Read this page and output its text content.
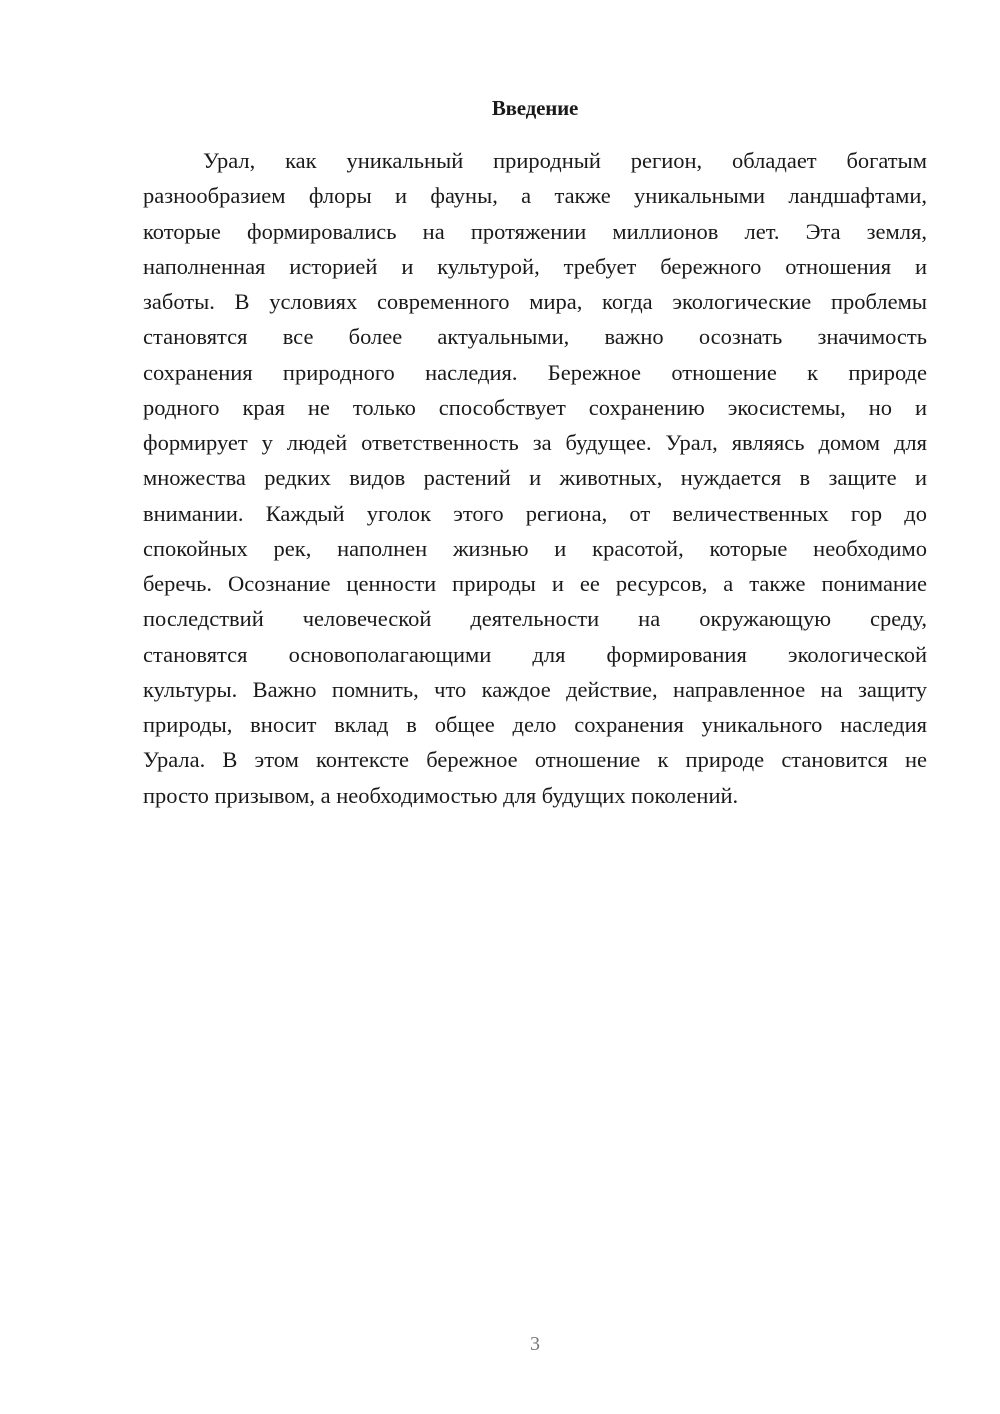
Введение
Урал, как уникальный природный регион, обладает богатым
разнообразием флоры и фауны, а также уникальными ландшафтами,
которые формировались на протяжении миллионов лет. Эта земля,
наполненная историей и культурой, требует бережного отношения и
заботы. В условиях современного мира, когда экологические проблемы
становятся все более актуальными, важно осознать значимость
сохранения природного наследия. Бережное отношение к природе
родного края не только способствует сохранению экосистемы, но и
формирует у людей ответственность за будущее. Урал, являясь домом для
множества редких видов растений и животных, нуждается в защите и
внимании. Каждый уголок этого региона, от величественных гор до
спокойных рек, наполнен жизнью и красотой, которые необходимо
беречь. Осознание ценности природы и ее ресурсов, а также понимание
последствий человеческой деятельности на окружающую среду,
становятся основополагающими для формирования экологической
культуры. Важно помнить, что каждое действие, направленное на защиту
природы, вносит вклад в общее дело сохранения уникального наследия
Урала. В этом контексте бережное отношение к природе становится не
просто призывом, а необходимостью для будущих поколений.
3
